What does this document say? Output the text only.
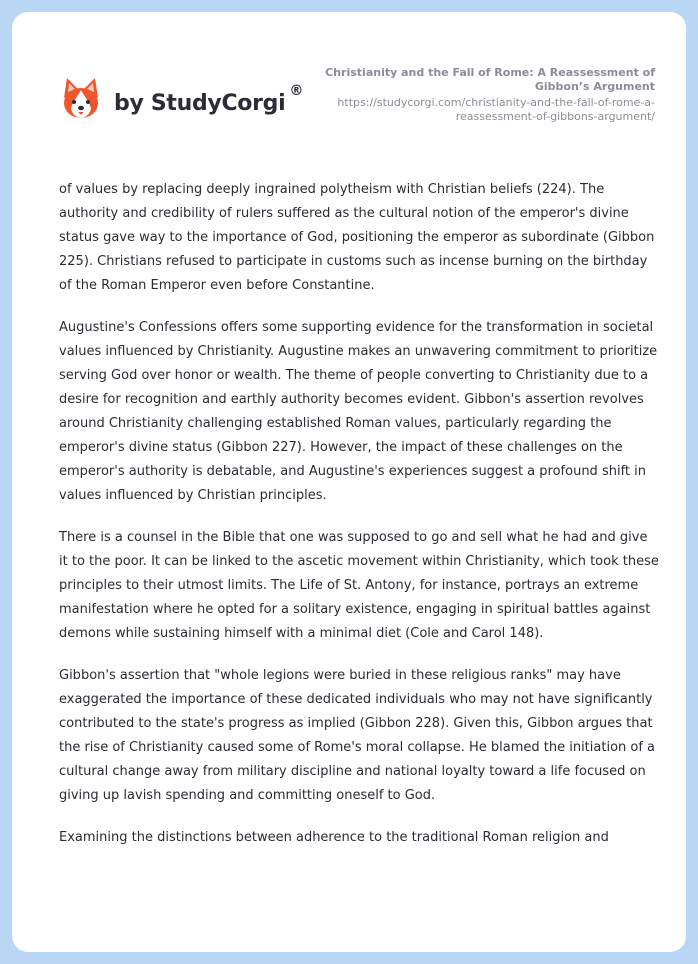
by StudyCorgi ®
Christianity and the Fall of Rome: A Reassessment of Gibbon’s Argument
https://studycorgi.com/christianity-and-the-fall-of-rome-a-reassessment-of-gibbons-argument/

of values by replacing deeply ingrained polytheism with Christian beliefs (224). The authority and credibility of rulers suffered as the cultural notion of the emperor's divine status gave way to the importance of God, positioning the emperor as subordinate (Gibbon 225). Christians refused to participate in customs such as incense burning on the birthday of the Roman Emperor even before Constantine.

Augustine's Confessions offers some supporting evidence for the transformation in societal values influenced by Christianity. Augustine makes an unwavering commitment to prioritize serving God over honor or wealth. The theme of people converting to Christianity due to a desire for recognition and earthly authority becomes evident. Gibbon's assertion revolves around Christianity challenging established Roman values, particularly regarding the emperor's divine status (Gibbon 227). However, the impact of these challenges on the emperor's authority is debatable, and Augustine's experiences suggest a profound shift in values influenced by Christian principles.

There is a counsel in the Bible that one was supposed to go and sell what he had and give it to the poor. It can be linked to the ascetic movement within Christianity, which took these principles to their utmost limits. The Life of St. Antony, for instance, portrays an extreme manifestation where he opted for a solitary existence, engaging in spiritual battles against demons while sustaining himself with a minimal diet (Cole and Carol 148).

Gibbon's assertion that "whole legions were buried in these religious ranks" may have exaggerated the importance of these dedicated individuals who may not have significantly contributed to the state's progress as implied (Gibbon 228). Given this, Gibbon argues that the rise of Christianity caused some of Rome's moral collapse. He blamed the initiation of a cultural change away from military discipline and national loyalty toward a life focused on giving up lavish spending and committing oneself to God.

Examining the distinctions between adherence to the traditional Roman religion and
